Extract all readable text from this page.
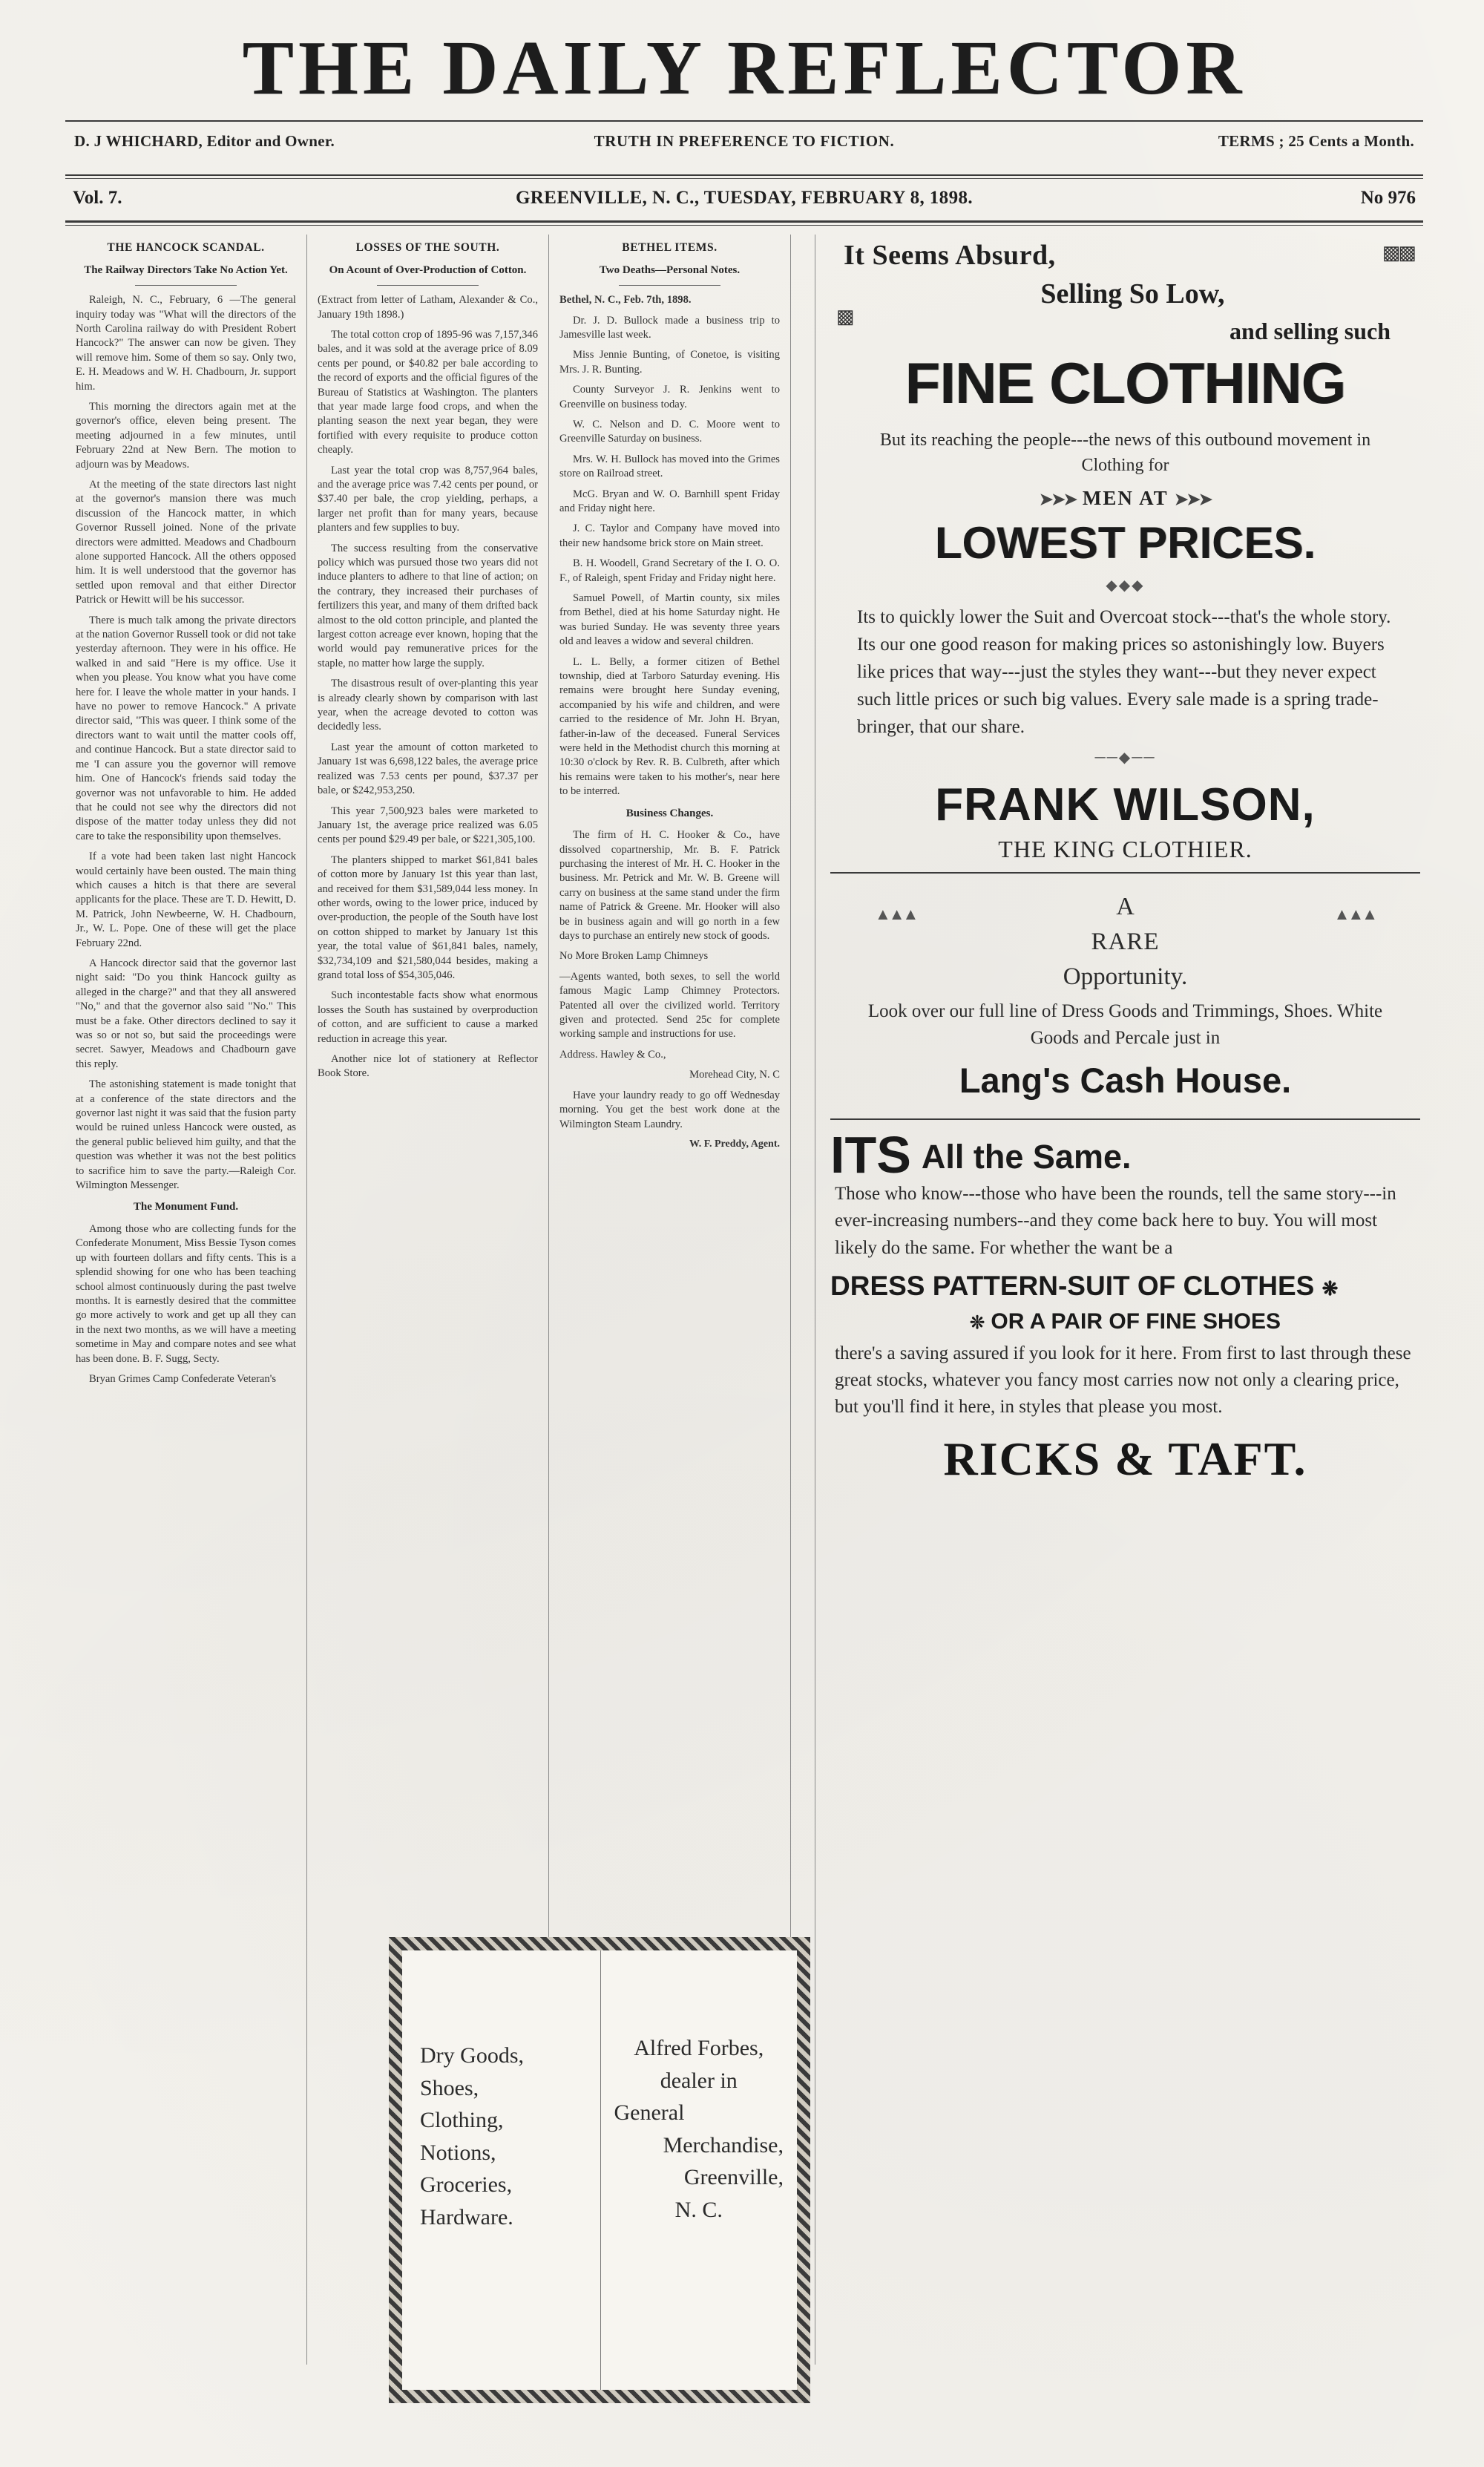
THE DAILY REFLECTOR
D. J WHICHARD, Editor and Owner.	TRUTH IN PREFERENCE TO FICTION.	TERMS ; 25 Cents a Month.
Vol. 7.	GREENVILLE, N. C., TUESDAY, FEBRUARY 8, 1898.	No 976
THE HANCOCK SCANDAL.
The Railway Directors Take No Action Yet.

Raleigh, N. C., February, 6 —The general inquiry today was "What will the directors of the North Carolina railway do with President Robert Hancock?" The answer can now be given. They will remove him. Some of them so say. Only two, E. H. Meadows and W. H. Chadbourn, Jr. support him.

This morning the directors again met at the governor's office, eleven being present. The meeting adjourned in a few minutes, until February 22nd at New Bern. The motion to adjourn was by Meadows.

At the meeting of the state directors last night at the governor's mansion there was much discussion of the Hancock matter, in which Governor Russell joined. None of the private directors were admitted. Meadows and Chadbourn alone supported Hancock. All the others opposed him. It is well understood that the governor has settled upon removal and that either Director Patrick or Hewitt will be his successor.

There is much talk among the private directors at the nation Governor Russell took or did not take yesterday afternoon. They were in his office. He walked in and said "Here is my office. Use it when you please. You know what you have come here for. I leave the whole matter in your hands. I have no power to remove Hancock." A private director said, "This was queer. I think some of the directors want to wait until the matter cools off, and continue Hancock. But a state director said to me 'I can assure you the governor will remove him. One of Hancock's friends said today the governor was not unfavorable to him. He added that he could not see why the directors did not dispose of the matter today unless they did not care to take the responsibility upon themselves.

If a vote had been taken last night Hancock would certainly have been ousted. The main thing which causes a hitch is that there are several applicants for the place. These are T. D. Hewitt, D. M. Patrick, John Newbeerne, W. H. Chadbourn, Jr., W. L. Pope. One of these will get the place February 22nd.

A Hancock director said that the governor last night said: "Do you think Hancock guilty as alleged in the charge?" and that they all answered "No," and that the governor also said "No." This must be a fake. Other directors declined to say it was so or not so, but said the proceedings were secret. Sawyer, Meadows and Chadbourn gave this reply.

The astonishing statement is made tonight that at a conference of the state directors and the governor last night it was said that the fusion party would be ruined unless Hancock were ousted, as the general public believed him guilty, and that the question was whether it was not the best politics to sacrifice him to save the party.—Raleigh Cor. Wilmington Messenger.

The Monument Fund.

Among those who are collecting funds for the Confederate Monument, Miss Bessie Tyson comes up with fourteen dollars and fifty cents. This is a splendid showing for one who has been teaching school almost continuously during the past twelve months. It is earnestly desired that the committee go more actively to work and get up all they can in the next two months, as we will have a meeting sometime in May and compare notes and see what has been done. B. F. Sugg, Secty.

Bryan Grimes Camp Confederate Veteran's

LOSSES OF THE SOUTH.
On Acount of Over-Production of Cotton.

(Extract from letter of Latham, Alexander & Co., January 19th 1898.)

The total cotton crop of 1895-96 was 7,157,346 bales, and it was sold at the average price of 8.09 cents per pound, or $40.82 per bale according to the record of exports and the official figures of the Bureau of Statistics at Washington. The planters that year made large food crops, and when the planting season the next year began, they were fortified with every requisite to produce cotton cheaply.

Last year the total crop was 8,757,964 bales, and the average price was 7.42 cents per pound, or $37.40 per bale, the crop yielding, perhaps, a larger net profit than for many years, because planters and few supplies to buy.

The success resulting from the conservative policy which was pursued those two years did not induce planters to adhere to that line of action; on the contrary, they increased their purchases of fertilizers this year, and many of them drifted back almost to the old cotton principle, and planted the largest cotton acreage ever known, hoping that the world would pay remunerative prices for the staple, no matter how large the supply.

The disastrous result of over-planting this year is already clearly shown by comparison with last year, when the acreage devoted to cotton was decidedly less.

Last year the amount of cotton marketed to January 1st was 6,698,122 bales, the average price realized was 7.53 cents per pound, $37.37 per bale, or $242,953,250.

This year 7,500,923 bales were marketed to January 1st, the average price realized was 6.05 cents per pound $29.49 per bale, or $221,305,100.

The planters shipped to market $61,841 bales of cotton more by January 1st this year than last, and received for them $31,589,044 less money. In other words, owing to the lower price, induced by over-production, the people of the South have lost on cotton shipped to market by January 1st this year, the total value of $61,841 bales, namely, $32,734,109 and $21,580,044 besides, making a grand total loss of $54,305,046.

Such incontestable facts show what enormous losses the South has sustained by overproduction of cotton, and are sufficient to cause a marked reduction in acreage this year.

Another nice lot of stationery at Reflector Book Store.

BETHEL ITEMS.
Two Deaths—Personal Notes.

Bethel, N. C., Feb. 7th, 1898.

Dr. J. D. Bullock made a business trip to Jamesville last week.

Miss Jennie Bunting, of Conetoe, is visiting Mrs. J. R. Bunting.

County Surveyor J. R. Jenkins went to Greenville on business today.

W. C. Nelson and D. C. Moore went to Greenville Saturday on business.

Mrs. W. H. Bullock has moved into the Grimes store on Railroad street.

McG. Bryan and W. O. Barnhill spent Friday and Friday night here.

J. C. Taylor and Company have moved into their new handsome brick store on Main street.

B. H. Woodell, Grand Secretary of the I. O. O. F., of Raleigh, spent Friday and Friday night here.

Samuel Powell, of Martin county, six miles from Bethel, died at his home Saturday night. He was buried Sunday. He was seventy three years old and leaves a widow and several children.

L. L. Belly, a former citizen of Bethel township, died at Tarboro Saturday evening. His remains were brought here Sunday evening, accompanied by his wife and children, and were carried to the residence of Mr. John H. Bryan, father-in-law of the deceased. Funeral Services were held in the Methodist church this morning at 10:30 o'clock by Rev. R. B. Culbreth, after which his remains were taken to his mother's, near here to be interred.

Business Changes.

The firm of H. C. Hooker & Co., have dissolved copartnership, Mr. B. F. Patrick purchasing the interest of Mr. H. C. Hooker in the business. Mr. Petrick and Mr. W. B. Greene will carry on business at the same stand under the firm name of Patrick & Greene. Mr. Hooker will also be in business again and will go north in a few days to purchase an entirely new stock of goods.

No More Broken Lamp Chimneys

—Agents wanted, both sexes, to sell the world famous Magic Lamp Chimney Protectors. Patented all over the civilized world. Territory given and protected. Send 25c for complete working sample and instructions for use.

Address. Hawley & Co.,

Morehead City, N. C

Have your laundry ready to go off Wednesday morning. You get the best work done at the Wilmington Steam Laundry.

W. F. Preddy, Agent.
▩▩
▩
It Seems Absurd,
Selling So Low,
and selling such
FINE CLOTHING
But its reaching the people---the news of this outbound movement in Clothing for
➤➤➤ MEN AT ➤➤➤
LOWEST PRICES.
◆◆◆
Its to quickly lower the Suit and Overcoat stock---that's the whole story. Its our one good reason for making prices so astonishingly low. Buyers like prices that way---just the styles they want---but they never expect such little prices or such big values. Every sale made is a spring trade-bringer, that our share.
──◆──
FRANK WILSON,
THE KING CLOTHIER.
▲▲▲	▲▲▲
A
RARE
Opportunity.
Look over our full line of Dress Goods and Trimmings, Shoes. White Goods and Percale just in
Lang's Cash House.
ITS All the Same.
Those who know---those who have been the rounds, tell the same story---in ever-increasing numbers--and they come back here to buy. You will most likely do the same. For whether the want be a
DRESS PATTERN-SUIT OF CLOTHES ❋
❊ OR A PAIR OF FINE SHOES
there's a saving assured if you look for it here. From first to last through these great stocks, whatever you fancy most carries now not only a clearing price, but you'll find it here, in styles that please you most.
RICKS & TAFT.
Dry Goods,
Shoes,
Clothing,
Notions,
Groceries,
Hardware.
Alfred Forbes,
dealer in
General
Merchandise,
Greenville,
N. C.
